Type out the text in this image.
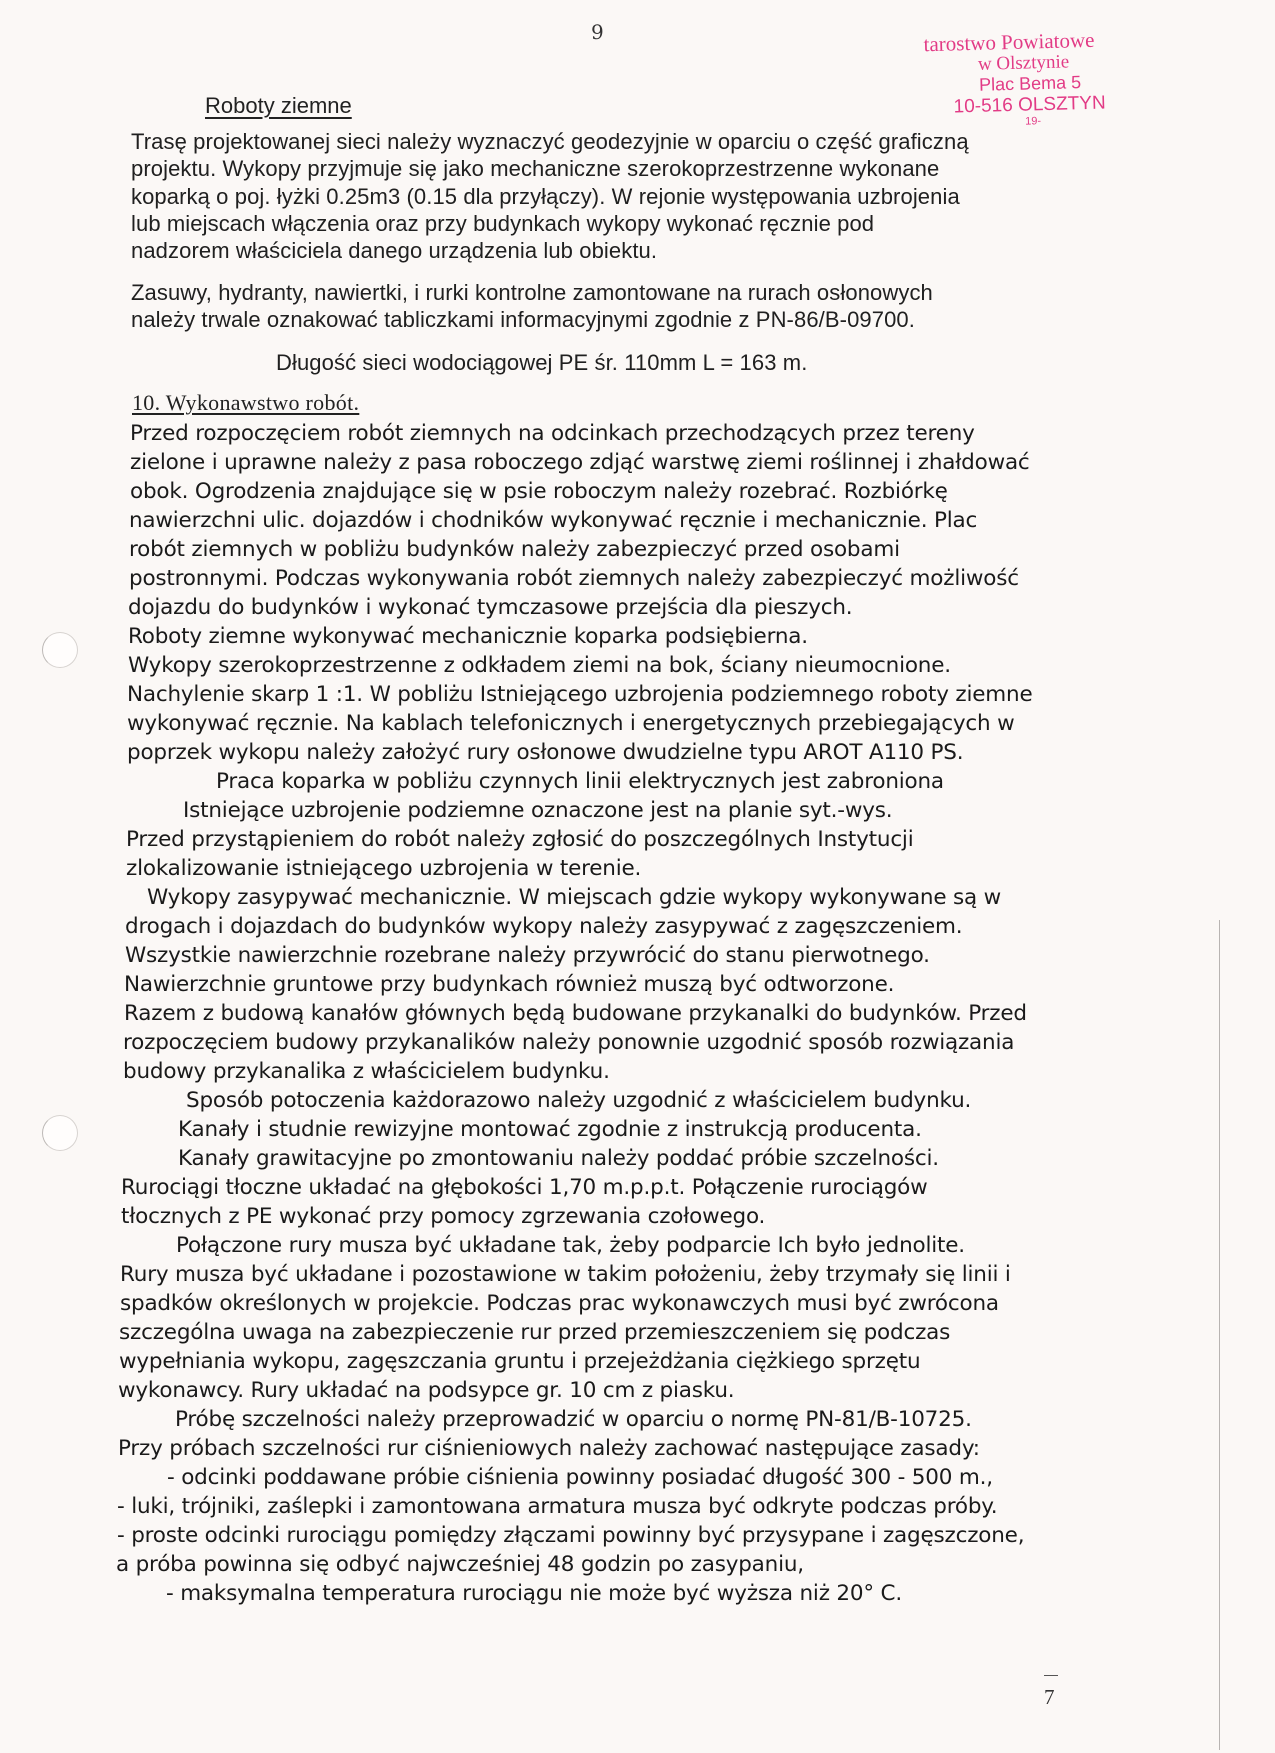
9	tarostwo Powiatowe
w Olsztynie
Plac Bema 5
10-516 OLSZTYN
19-
Roboty ziemne
Trasę projektowanej sieci należy wyznaczyć geodezyjnie w oparciu o część graficzną
projektu. Wykopy przyjmuje się jako mechaniczne szerokoprzestrzenne wykonane
koparką o poj. łyżki 0.25m3 (0.15 dla przyłączy). W rejonie występowania uzbrojenia
lub miejscach włączenia oraz przy budynkach wykopy wykonać ręcznie pod
nadzorem właściciela danego urządzenia lub obiektu.
Zasuwy, hydranty, nawiertki, i rurki kontrolne zamontowane na rurach osłonowych
należy trwale oznakować tabliczkami informacyjnymi zgodnie z PN-86/B-09700.
Długość sieci wodociągowej PE śr. 110mm L = 163 m.
10. Wykonawstwo robót.
Przed rozpoczęciem robót ziemnych na odcinkach przechodzących przez tereny
zielone i uprawne należy z pasa roboczego zdjąć warstwę ziemi roślinnej i zhałdować
obok. Ogrodzenia znajdujące się w psie roboczym należy rozebrać. Rozbiórkę
nawierzchni ulic. dojazdów i chodników wykonywać ręcznie i mechanicznie. Plac
robót ziemnych w pobliżu budynków należy zabezpieczyć przed osobami
postronnymi. Podczas wykonywania robót ziemnych należy zabezpieczyć możliwość
dojazdu do budynków i wykonać tymczasowe przejścia dla pieszych.
Roboty ziemne wykonywać mechanicznie koparka podsiębierna.
Wykopy szerokoprzestrzenne z odkładem ziemi na bok, ściany nieumocnione.
Nachylenie skarp 1 :1. W pobliżu Istniejącego uzbrojenia podziemnego roboty ziemne
wykonywać ręcznie. Na kablach telefonicznych i energetycznych przebiegających w
poprzek wykopu należy założyć rury osłonowe dwudzielne typu AROT A110 PS.
Praca koparka w pobliżu czynnych linii elektrycznych jest zabroniona
Istniejące uzbrojenie podziemne oznaczone jest na planie syt.-wys.
Przed przystąpieniem do robót należy zgłosić do poszczególnych Instytucji
zlokalizowanie istniejącego uzbrojenia w terenie.
Wykopy zasypywać mechanicznie. W miejscach gdzie wykopy wykonywane są w
drogach i dojazdach do budynków wykopy należy zasypywać z zagęszczeniem.
Wszystkie nawierzchnie rozebrane należy przywrócić do stanu pierwotnego.
Nawierzchnie gruntowe przy budynkach również muszą być odtworzone.
Razem z budową kanałów głównych będą budowane przykanalki do budynków. Przed
rozpoczęciem budowy przykanalików należy ponownie uzgodnić sposób rozwiązania
budowy przykanalika z właścicielem budynku.
Sposób potoczenia każdorazowo należy uzgodnić z właścicielem budynku.
Kanały i studnie rewizyjne montować zgodnie z instrukcją producenta.
Kanały grawitacyjne po zmontowaniu należy poddać próbie szczelności.
Rurociągi tłoczne układać na głębokości 1,70 m.p.p.t. Połączenie rurociągów
tłocznych z PE wykonać przy pomocy zgrzewania czołowego.
Połączone rury musza być układane tak, żeby podparcie Ich było jednolite.
Rury musza być układane i pozostawione w takim położeniu, żeby trzymały się linii i
spadków określonych w projekcie. Podczas prac wykonawczych musi być zwrócona
szczególna uwaga na zabezpieczenie rur przed przemieszczeniem się podczas
wypełniania wykopu, zagęszczania gruntu i przejeżdżania ciężkiego sprzętu
wykonawcy. Rury układać na podsypce gr. 10 cm z piasku.
Próbę szczelności należy przeprowadzić w oparciu o normę PN-81/B-10725.
Przy próbach szczelności rur ciśnieniowych należy zachować następujące zasady:
- odcinki poddawane próbie ciśnienia powinny posiadać długość 300 - 500 m.,
- luki, trójniki, zaślepki i zamontowana armatura musza być odkryte podczas próby.
- proste odcinki rurociągu pomiędzy złączami powinny być przysypane i zagęszczone,
a próba powinna się odbyć najwcześniej 48 godzin po zasypaniu,
- maksymalna temperatura rurociągu nie może być wyższa niż 20° C.
7
